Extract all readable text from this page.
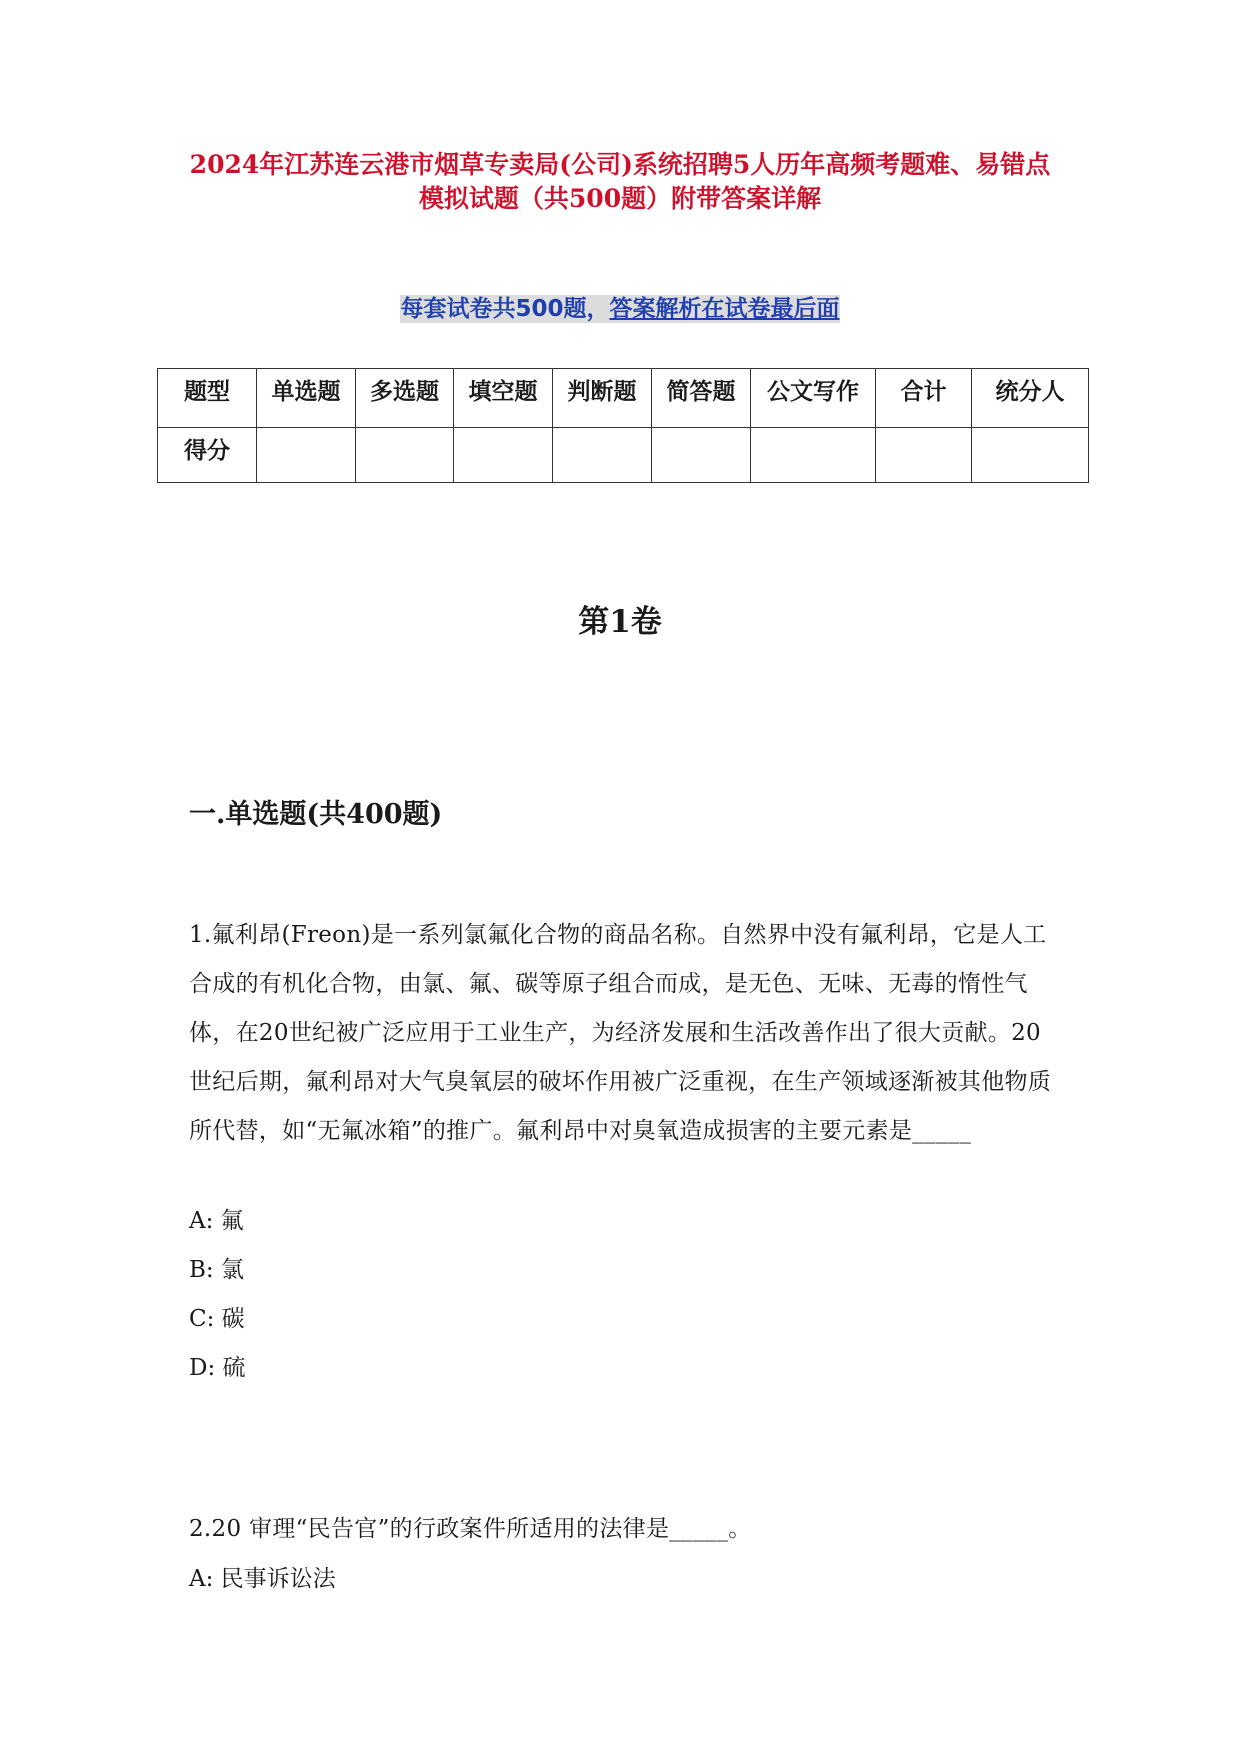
2024年江苏连云港市烟草专卖局(公司)系统招聘5人历年高频考题难、易错点
模拟试题（共500题）附带答案详解
每套试卷共500题，答案解析在试卷最后面
题型	单选题	多选题	填空题	判断题	简答题	公文写作	合计	统分人
得分								
第1卷
一.单选题(共400题)
1.氟利昂(Freon)是一系列氯氟化合物的商品名称。自然界中没有氟利昂，它是人工合成的有机化合物，由氯、氟、碳等原子组合而成，是无色、无味、无毒的惰性气体，在20世纪被广泛应用于工业生产，为经济发展和生活改善作出了很大贡献。20世纪后期，氟利昂对大气臭氧层的破坏作用被广泛重视，在生产领域逐渐被其他物质所代替，如“无氟冰箱”的推广。氟利昂中对臭氧造成损害的主要元素是_____
A: 氟
B: 氯
C: 碳
D: 硫
2.20 审理“民告官”的行政案件所适用的法律是_____。
A: 民事诉讼法
